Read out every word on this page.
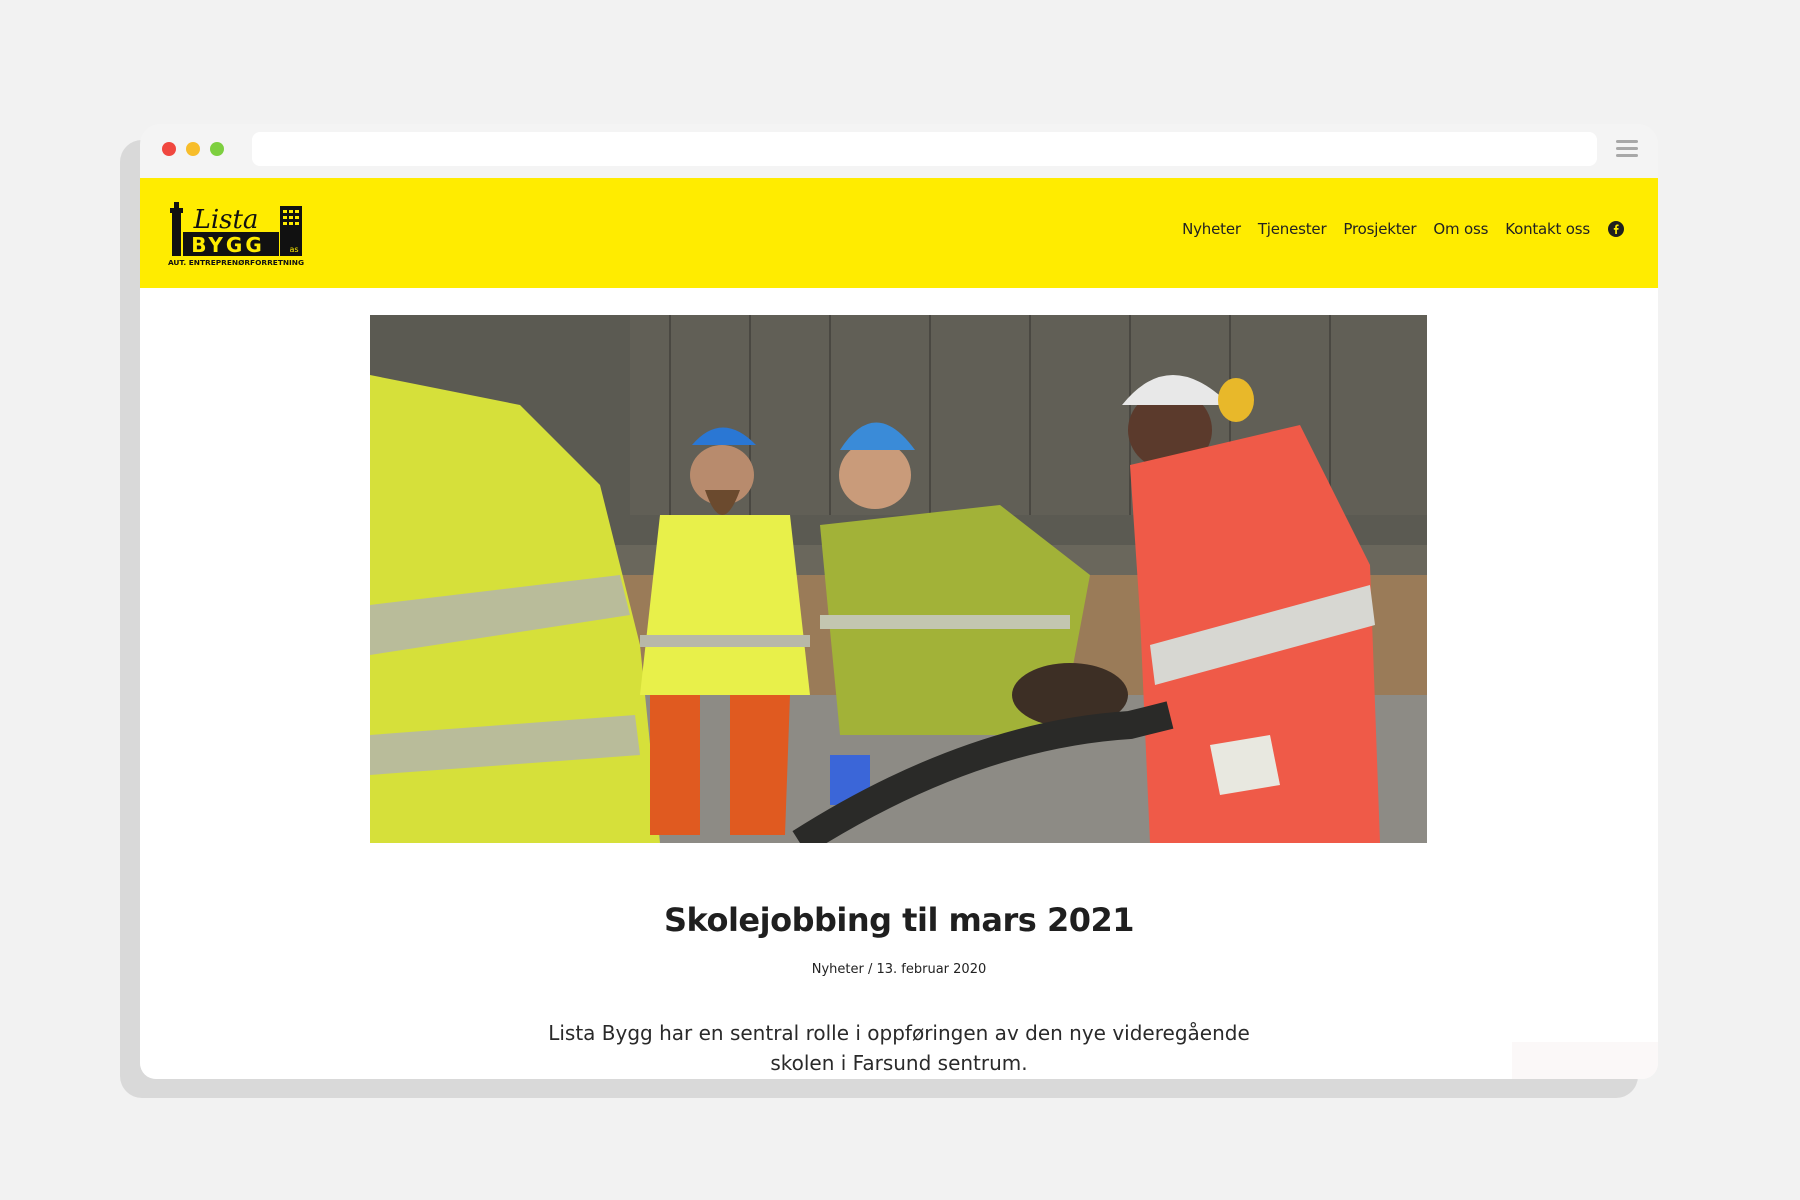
Lista
BYGG	as
AUT. ENTREPRENØRFORRETNING
Nyheter Tjenester Prosjekter Om oss Kontakt oss
Skolejobbing til mars 2021
Nyheter / 13. februar 2020

Lista Bygg har en sentral rolle i oppføringen av den nye videregående skolen i Farsund sentrum.
